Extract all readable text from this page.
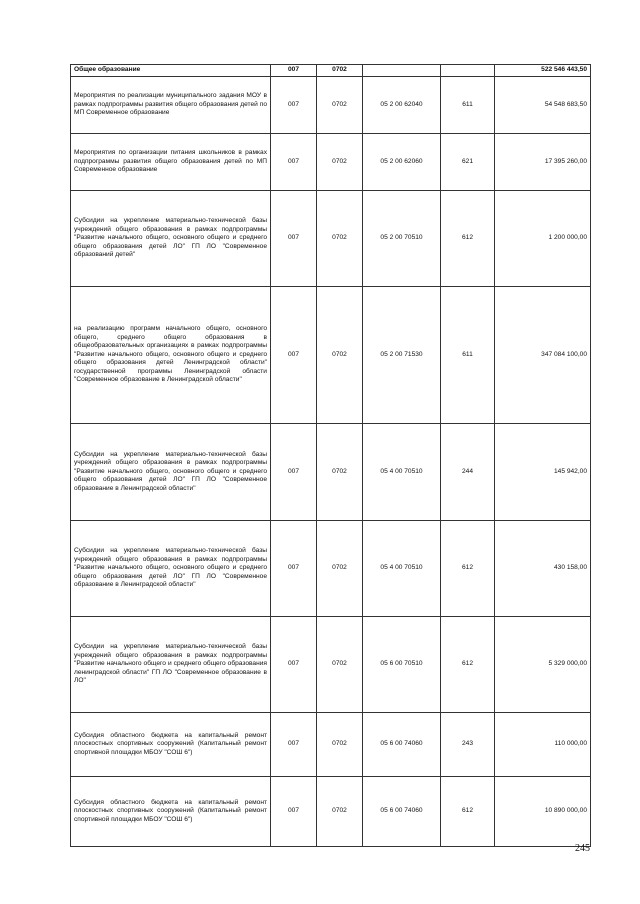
Общее образование	007	0702			522 546 443,50
Мероприятия по реализации муниципального задания МОУ в рамках подпрограммы развития общего образования детей по МП Современное образование	007	0702	05 2 00 62040	611	54 548 683,50
Мероприятия по организации питания школьников в рамках подпрограммы развития общего образования детей по МП Современное образование	007	0702	05 2 00 62060	621	17 395 260,00
Субсидии на укрепление материально-технической базы учреждений общего образования в рамках подпрограммы "Развитие начального общего, основного общего и среднего общего образования детей ЛО" ГП ЛО "Современное образований детей"	007	0702	05 2 00 70510	612	1 200 000,00
на реализацию программ начального общего, основного общего, среднего общего образования в общеобразовательных организациях в рамках подпрограммы "Развитие начального общего, основного общего и среднего общего образования детей Ленинградской области" государственной программы Ленинградской области "Современное образование в Ленинградской области"	007	0702	05 2 00 71530	611	347 084 100,00
Субсидии на укрепление материально-технической базы учреждений общего образования в рамках подпрограммы "Развитие начального общего, основного общего и среднего общего образования детей ЛО" ГП ЛО "Современное образование в Ленинградской области"	007	0702	05 4 00 70510	244	145 942,00
Субсидии на укрепление материально-технической базы учреждений общего образования в рамках подпрограммы "Развитие начального общего, основного общего и среднего общего образования детей ЛО" ГП ЛО "Современное образование в Ленинградской области"	007	0702	05 4 00 70510	612	430 158,00
Субсидии на укрепление материально-технической базы учреждений общего образования в рамках подпрограммы "Развитие начального общего и среднего общего образования ленинградской области" ГП ЛО "Современное образование в ЛО"	007	0702	05 6 00 70510	612	5 329 000,00
Субсидия областного бюджета на капитальный ремонт плоскостных спортивных сооружений (Капитальный ремонт спортивной площадки МБОУ "СОШ 6")	007	0702	05 6 00 74060	243	110 000,00
Субсидия областного бюджета на капитальный ремонт плоскостных спортивных сооружений (Капитальный ремонт спортивной площадки МБОУ "СОШ 6")	007	0702	05 6 00 74060	612	10 890 000,00
245
